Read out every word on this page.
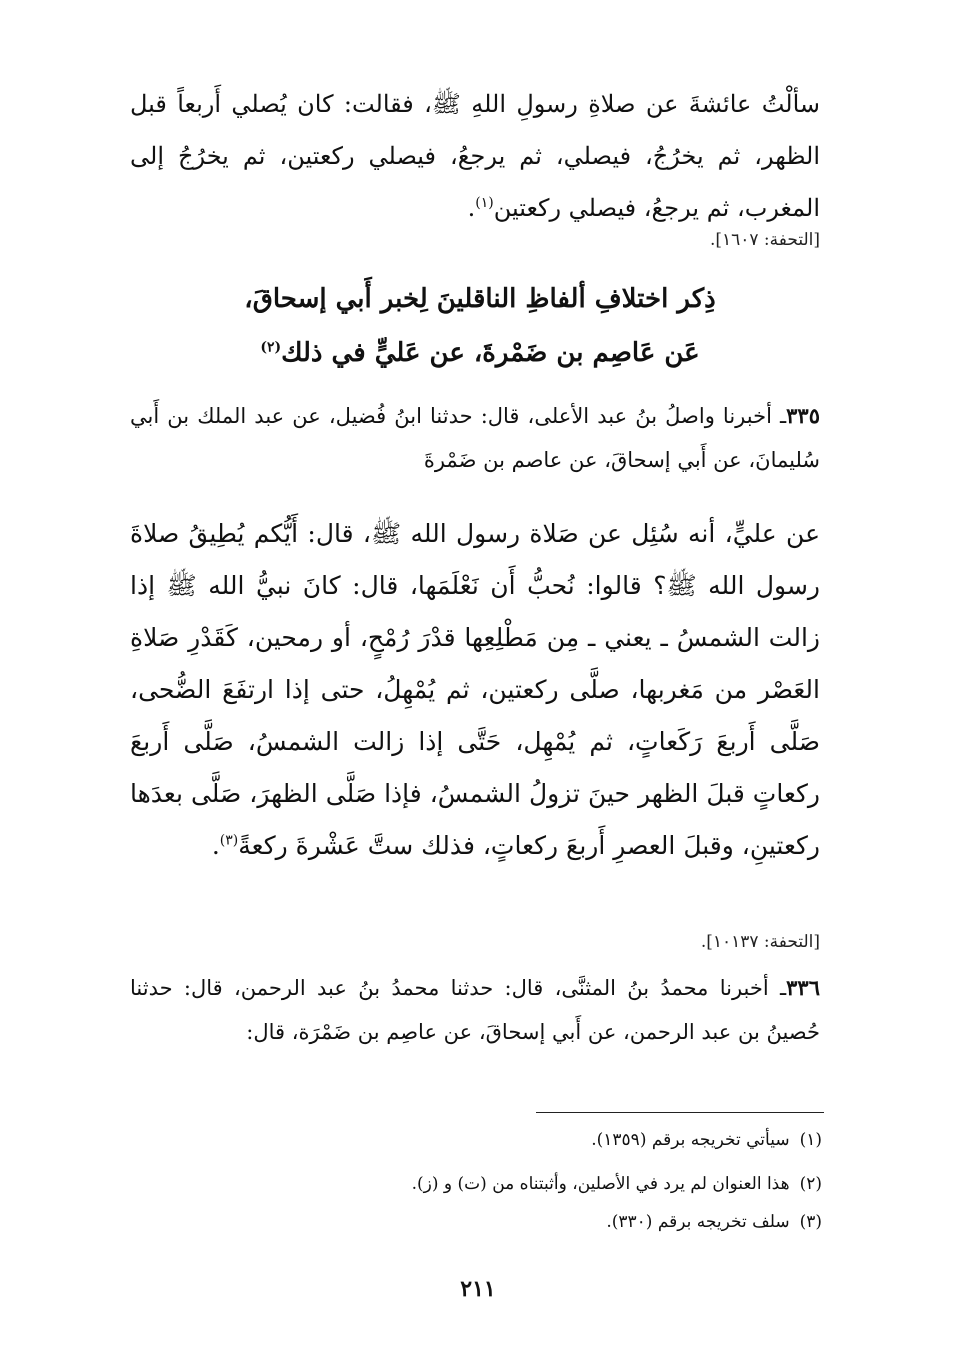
سألْتُ عائشةَ عن صلاةِ رسولِ اللهِ ﷺ، فقالت: كان يُصلي أَربعاً قبل الظهر، ثم يخرُجُ، فيصلي، ثم يرجعُ، فيصلي ركعتين، ثم يخرُجُ إلى المغرب، ثم يرجعُ، فيصلي ركعتين$^{(١)}$.

[التحفة: ١٦٠٧].
ذِكر اختلافِ ألفاظِ الناقلينَ لِخبر أَبي إسحاقَ،
عَن عَاصِم بن ضَمْرةَ، عن عَليٍّ في ذلك$^{(٢)}$

٣٣٥ـ أخبرنا واصلُ بنُ عبد الأعلى، قال: حدثنا ابنُ فُضيل، عن عبد الملك بن أَبي سُليمانَ، عن أَبي إسحاقَ، عن عاصم بن ضَمْرةَ

عن عليٍّ، أنه سُئِل عن صَلاة رسول الله ﷺ، قال: أَيُّكم يُطِيقُ صلاةَ رسول الله ﷺ؟ قالوا: نُحبُّ أَن نَعْلَمَها، قال: كانَ نبيُّ الله ﷺ إذا زالت الشمسُ ـ يعني ـ مِن مَطْلِعِها قدْرَ رُمْحٍ، أو رمحين، كَقَدْرِ صَلاةِ العَصْر من مَغربها، صلَّى ركعتين، ثم يُمْهِلُ، حتى إذا ارتفَعَ الضُّحى، صَلَّى أَربعَ رَكَعاتٍ، ثم يُمْهِل، حَتَّى إذا زالت الشمسُ، صَلَّى أَربعَ ركعاتٍ قبلَ الظهر حينَ تزولُ الشمسُ، فإذا صَلَّى الظهرَ، صَلَّى بعدَها ركعتينِ، وقبلَ العصرِ أَربعَ ركعاتٍ، فذلك ستَّ عَشْرةَ ركعةً$^{(٣)}$.

[التحفة: ١٠١٣٧].

٣٣٦ـ أخبرنا محمدُ بنُ المثنَّى، قال: حدثنا محمدُ بنُ عبد الرحمن، قال: حدثنا حُصينُ بن عبد الرحمن، عن أَبي إسحاقَ، عن عاصِم بن ضَمْرَة، قال:

(١)سيأتي تخريجه برقم (١٣٥٩).
(٢)هذا العنوان لم يرد في الأصلين، وأثبتناه من (ت) و (ز).
(٣)سلف تخريجه برقم (٣٣٠).
٢١١
